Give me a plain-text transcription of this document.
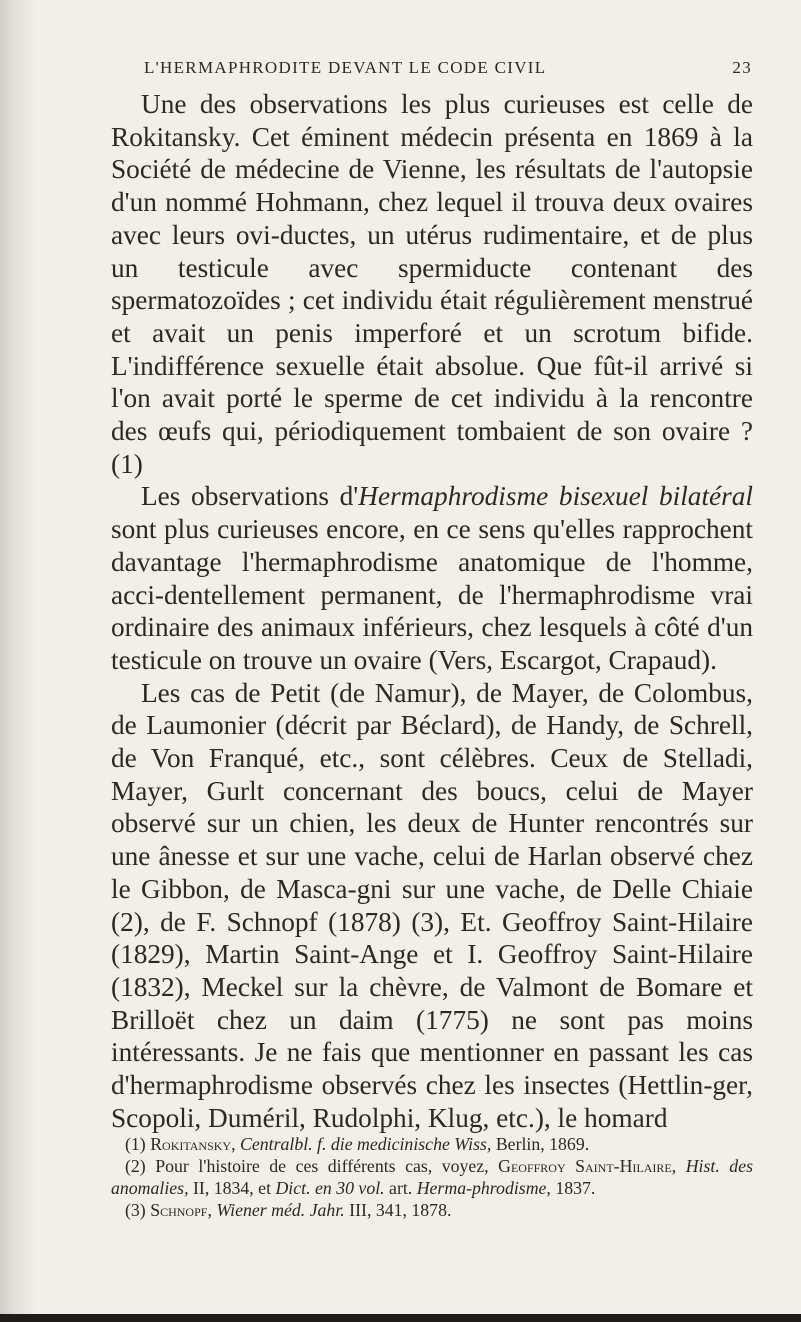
L'HERMAPHRODITE DEVANT LE CODE CIVIL	23

Une des observations les plus curieuses est celle de Rokitansky. Cet éminent médecin présenta en 1869 à la Société de médecine de Vienne, les résultats de l'autopsie d'un nommé Hohmann, chez lequel il trouva deux ovaires avec leurs ovi-ductes, un utérus rudimentaire, et de plus un testicule avec spermiducte contenant des spermatozoïdes ; cet individu était régulièrement menstrué et avait un penis imperforé et un scrotum bifide. L'indifférence sexuelle était absolue. Que fût-il arrivé si l'on avait porté le sperme de cet individu à la rencontre des œufs qui, périodiquement tombaient de son ovaire ? (1)

Les observations d'Hermaphrodisme bisexuel bilatéral sont plus curieuses encore, en ce sens qu'elles rapprochent davantage l'hermaphrodisme anatomique de l'homme, acci-dentellement permanent, de l'hermaphrodisme vrai ordinaire des animaux inférieurs, chez lesquels à côté d'un testicule on trouve un ovaire (Vers, Escargot, Crapaud).

Les cas de Petit (de Namur), de Mayer, de Colombus, de Laumonier (décrit par Béclard), de Handy, de Schrell, de Von Franqué, etc., sont célèbres. Ceux de Stelladi, Mayer, Gurlt concernant des boucs, celui de Mayer observé sur un chien, les deux de Hunter rencontrés sur une ânesse et sur une vache, celui de Harlan observé chez le Gibbon, de Masca-gni sur une vache, de Delle Chiaie (2), de F. Schnopf (1878) (3), Et. Geoffroy Saint-Hilaire (1829), Martin Saint-Ange et I. Geoffroy Saint-Hilaire (1832), Meckel sur la chèvre, de Valmont de Bomare et Brilloët chez un daim (1775) ne sont pas moins intéressants. Je ne fais que mentionner en passant les cas d'hermaphrodisme observés chez les insectes (Hettlin-ger, Scopoli, Duméril, Rudolphi, Klug, etc.), le homard

(1) Rokitansky, Centralbl. f. die medicinische Wiss, Berlin, 1869.

(2) Pour l'histoire de ces différents cas, voyez, Geoffroy Saint-Hilaire, Hist. des anomalies, II, 1834, et Dict. en 30 vol. art. Herma-phrodisme, 1837.

(3) Schnopf, Wiener méd. Jahr. III, 341, 1878.
